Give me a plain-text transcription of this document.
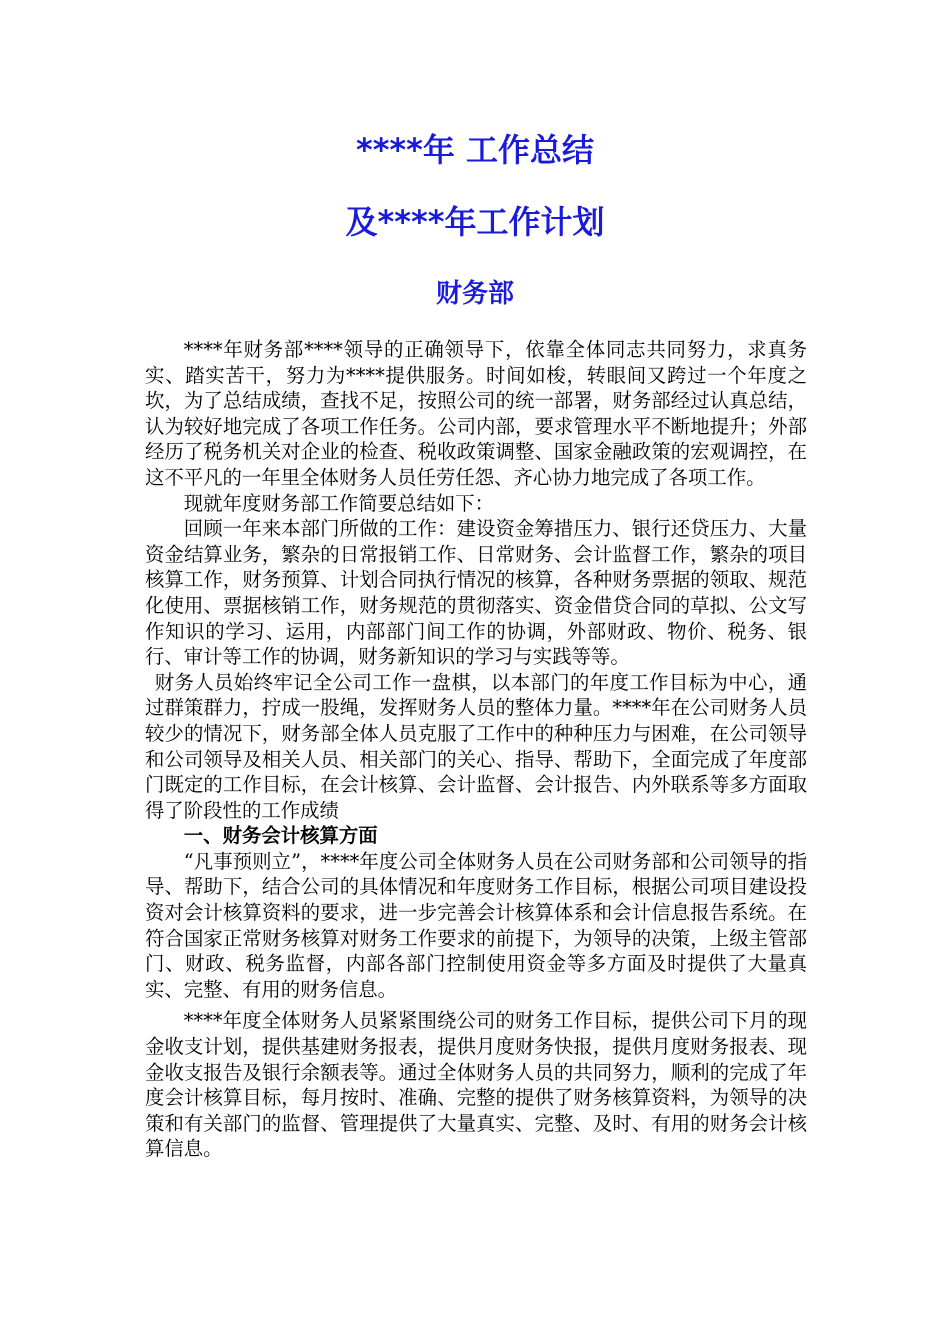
****年 工作总结
及****年工作计划
财务部

****年财务部****领导的正确领导下，依靠全体同志共同努力，求真务实、踏实苦干，努力为****提供服务。时间如梭，转眼间又跨过一个年度之坎，为了总结成绩，查找不足，按照公司的统一部署，财务部经过认真总结，认为较好地完成了各项工作任务。公司内部，要求管理水平不断地提升；外部经历了税务机关对企业的检查、税收政策调整、国家金融政策的宏观调控，在这不平凡的一年里全体财务人员任劳任怨、齐心协力地完成了各项工作。

现就年度财务部工作简要总结如下：

回顾一年来本部门所做的工作：建设资金筹措压力、银行还贷压力、大量资金结算业务，繁杂的日常报销工作、日常财务、会计监督工作，繁杂的项目核算工作，财务预算、计划合同执行情况的核算，各种财务票据的领取、规范化使用、票据核销工作，财务规范的贯彻落实、资金借贷合同的草拟、公文写作知识的学习、运用，内部部门间工作的协调，外部财政、物价、税务、银行、审计等工作的协调，财务新知识的学习与实践等等。

财务人员始终牢记全公司工作一盘棋，以本部门的年度工作目标为中心，通过群策群力，拧成一股绳，发挥财务人员的整体力量。****年在公司财务人员较少的情况下，财务部全体人员克服了工作中的种种压力与困难，在公司领导和公司领导及相关人员、相关部门的关心、指导、帮助下，全面完成了年度部门既定的工作目标，在会计核算、会计监督、会计报告、内外联系等多方面取得了阶段性的工作成绩

一、财务会计核算方面

“凡事预则立”，****年度公司全体财务人员在公司财务部和公司领导的指导、帮助下，结合公司的具体情况和年度财务工作目标，根据公司项目建设投资对会计核算资料的要求，进一步完善会计核算体系和会计信息报告系统。在符合国家正常财务核算对财务工作要求的前提下，为领导的决策，上级主管部门、财政、税务监督，内部各部门控制使用资金等多方面及时提供了大量真实、完整、有用的财务信息。

****年度全体财务人员紧紧围绕公司的财务工作目标，提供公司下月的现金收支计划，提供基建财务报表，提供月度财务快报，提供月度财务报表、现金收支报告及银行余额表等。通过全体财务人员的共同努力，顺利的完成了年度会计核算目标，每月按时、准确、完整的提供了财务核算资料，为领导的决策和有关部门的监督、管理提供了大量真实、完整、及时、有用的财务会计核算信息。
